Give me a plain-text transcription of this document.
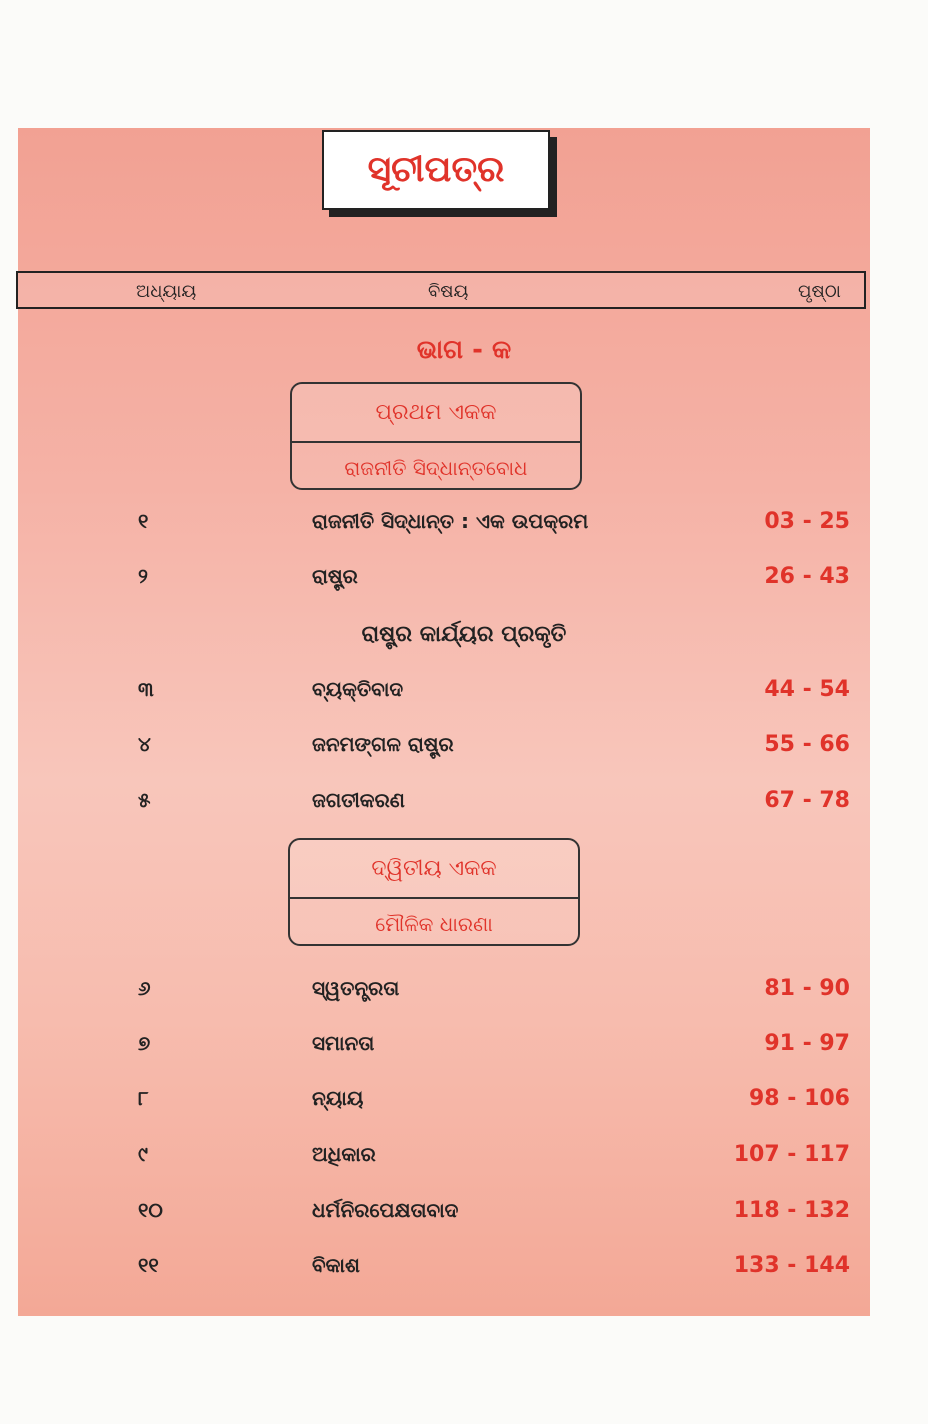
ସୂଚୀପତ୍ର
ଅଧ୍ୟାୟ	ବିଷୟ	ପୃଷ୍ଠା
ଭାଗ - କ
ପ୍ରଥମ ଏକକ
ରାଜନୀତି ସିଦ୍ଧାନ୍ତବୋଧ
୧	ରାଜନୀତି ସିଦ୍ଧାନ୍ତ : ଏକ ଉପକ୍ରମ	03 - 25
୨	ରାଷ୍ଟ୍ର	26 - 43
ରାଷ୍ଟ୍ର କାର୍ଯ୍ୟର ପ୍ରକୃତି
୩	ବ୍ୟକ୍ତିବାଦ	44 - 54
୪	ଜନମଙ୍ଗଳ ରାଷ୍ଟ୍ର	55 - 66
୫	ଜଗତୀକରଣ	67 - 78
ଦ୍ୱିତୀୟ ଏକକ
ମୌଳିକ ଧାରଣା
୬	ସ୍ୱତନ୍ତ୍ରତା	81 - 90
୭	ସମାନତା	91 - 97
୮	ନ୍ୟାୟ	98 - 106
୯	ଅଧିକାର	107 - 117
୧୦	ଧର୍ମନିରପେକ୍ଷତାବାଦ	118 - 132
୧୧	ବିକାଶ	133 - 144
